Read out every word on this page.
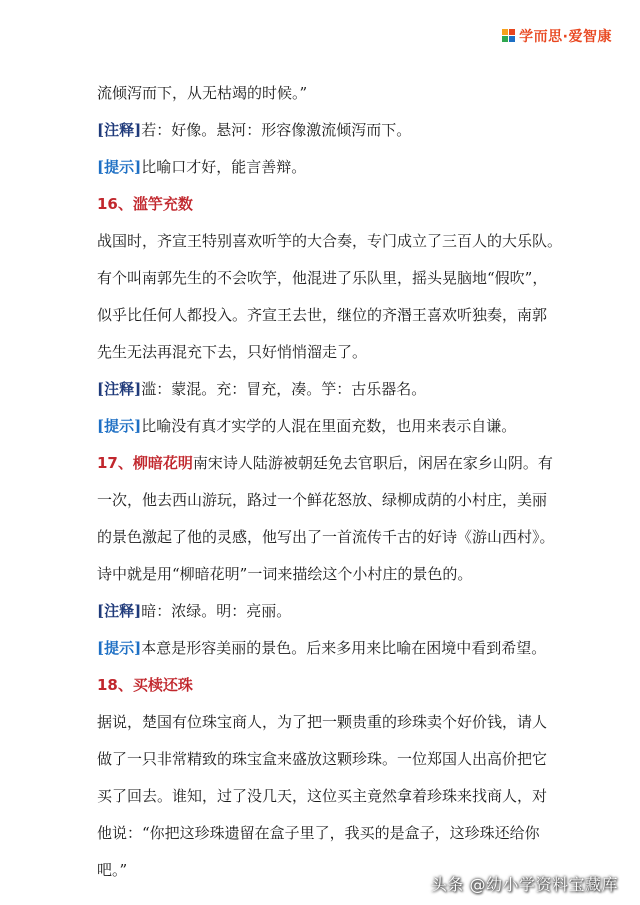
学而思·爱智康
流倾泻而下，从无枯竭的时候。”
[注释]若：好像。悬河：形容像激流倾泻而下。
[提示]比喻口才好，能言善辩。
16、滥竽充数
战国时，齐宣王特别喜欢听竽的大合奏，专门成立了三百人的大乐队。
有个叫南郭先生的不会吹竽，他混进了乐队里，摇头晃脑地“假吹”，
似乎比任何人都投入。齐宣王去世，继位的齐湣王喜欢听独奏，南郭
先生无法再混充下去，只好悄悄溜走了。
[注释]滥：蒙混。充：冒充，凑。竽：古乐器名。
[提示]比喻没有真才实学的人混在里面充数，也用来表示自谦。
17、柳暗花明南宋诗人陆游被朝廷免去官职后，闲居在家乡山阴。有
一次，他去西山游玩，路过一个鲜花怒放、绿柳成荫的小村庄，美丽
的景色激起了他的灵感，他写出了一首流传千古的好诗《游山西村》。
诗中就是用“柳暗花明”一词来描绘这个小村庄的景色的。
[注释]暗：浓绿。明：亮丽。
[提示]本意是形容美丽的景色。后来多用来比喻在困境中看到希望。
18、买椟还珠
据说，楚国有位珠宝商人，为了把一颗贵重的珍珠卖个好价钱，请人
做了一只非常精致的珠宝盒来盛放这颗珍珠。一位郑国人出高价把它
买了回去。谁知，过了没几天，这位买主竟然拿着珍珠来找商人，对
他说：“你把这珍珠遗留在盒子里了，我买的是盒子，这珍珠还给你
吧。”
头条 @幼小学资料宝藏库
